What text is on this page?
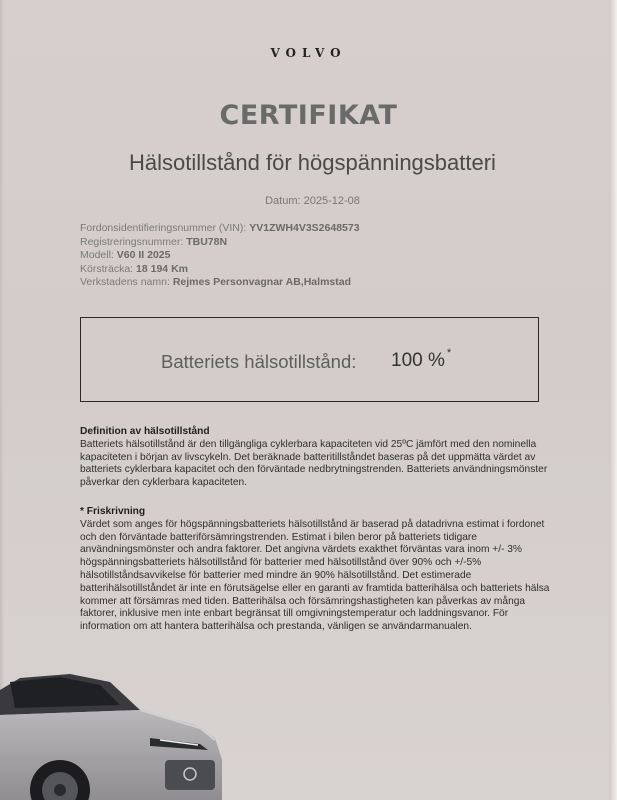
VOLVO
CERTIFIKAT
Hälsotillstånd för högspänningsbatteri
Datum: 2025-12-08
Fordonsidentifieringsnummer (VIN): YV1ZWH4V3S2648573
Registreringsnummer: TBU78N
Modell: V60 II 2025
Körsträcka: 18 194 Km
Verkstadens namn: Rejmes Personvagnar AB,Halmstad
Batteriets hälsotillstånd: 100 % *
Definition av hälsotillstånd

Batteriets hälsotillstånd är den tillgängliga cyklerbara kapaciteten vid 25ºC jämfört med den nominella kapaciteten i början av livscykeln. Det beräknade batteritillståndet baseras på det uppmätta värdet av batteriets cyklerbara kapacitet och den förväntade nedbrytningstrenden. Batteriets användningsmönster påverkar den cyklerbara kapaciteten.

* Friskrivning

Värdet som anges för högspänningsbatteriets hälsotillstånd är baserad på datadrivna estimat i fordonet och den förväntade batteriförsämringstrenden. Estimat i bilen beror på batteriets tidigare användningsmönster och andra faktorer. Det angivna värdets exakthet förväntas vara inom +/- 3% högspänningsbatteriets hälsotillstånd för batterier med hälsotillstånd över 90% och +/-5% hälsotillståndsavvikelse för batterier med mindre än 90% hälsotillstånd. Det estimerade batterihälsotillståndet är inte en förutsägelse eller en garanti av framtida batterihälsa och batteriets hälsa kommer att försämras med tiden. Batterihälsa och försämringshastigheten kan påverkas av många faktorer, inklusive men inte enbart begränsat till omgivningstemperatur och laddningsvanor. För information om att hantera batterihälsa och prestanda, vänligen se användarmanualen.
